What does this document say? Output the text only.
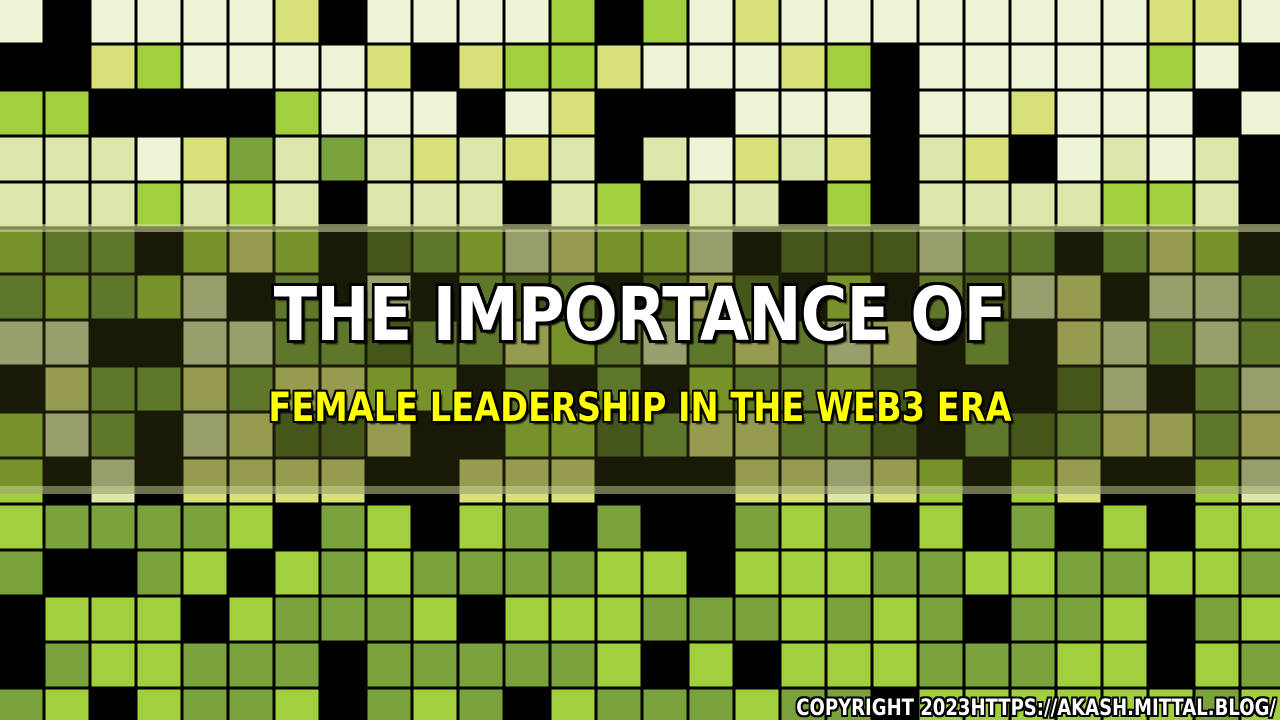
THE IMPORTANCE OF
FEMALE LEADERSHIP IN THE WEB3 ERA
COPYRIGHT 2023HTTPS://AKASH.MITTAL.BLOG/
